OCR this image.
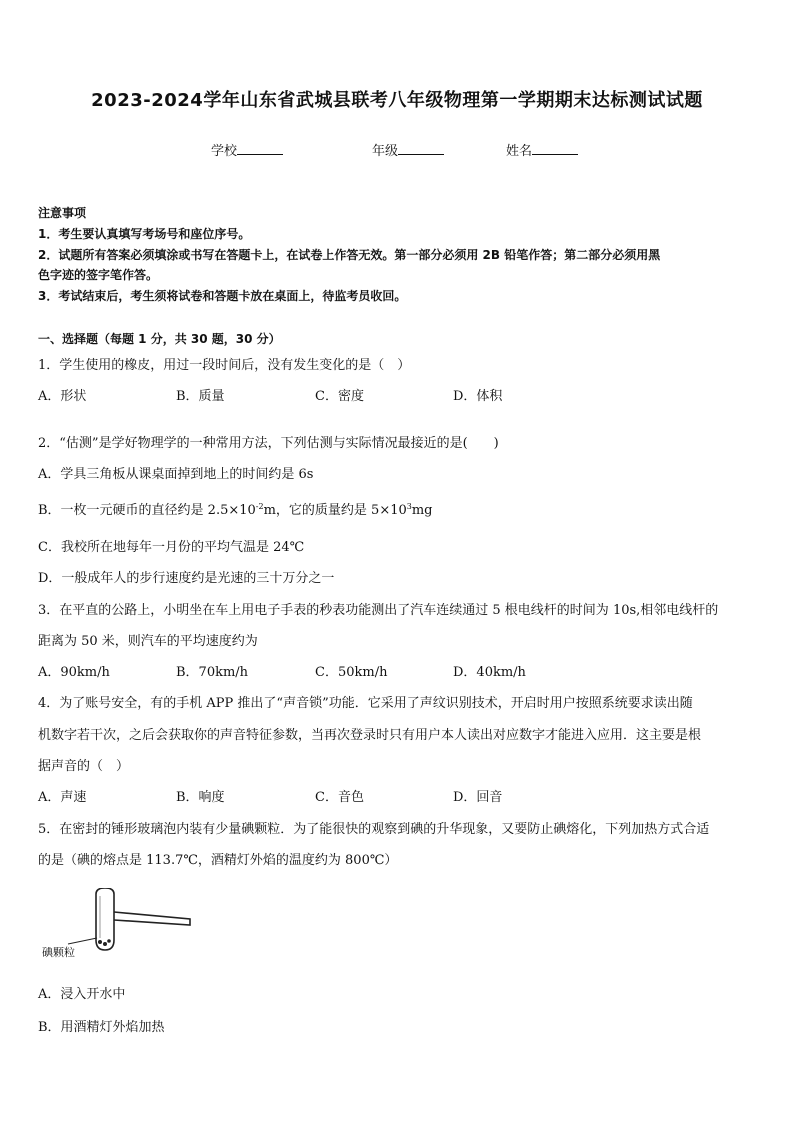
2023-2024学年山东省武城县联考八年级物理第一学期期末达标测试试题
学校	年级	姓名
注意事项
1．考生要认真填写考场号和座位序号。
2．试题所有答案必须填涂或书写在答题卡上，在试卷上作答无效。第一部分必须用 2B 铅笔作答；第二部分必须用黑
色字迹的签字笔作答。
3．考试结束后，考生须将试卷和答题卡放在桌面上，待监考员收回。
一、选择题（每题 1 分，共 30 题，30 分）
1．学生使用的橡皮，用过一段时间后，没有发生变化的是（　）
A．形状	B．质量	C．密度	D．体积
2．“估测”是学好物理学的一种常用方法，下列估测与实际情况最接近的是(　　)
A．学具三角板从课桌面掉到地上的时间约是 6s
B．一枚一元硬币的直径约是 $2.5\times 10^{-2}m$，它的质量约是 $5\times 10^3mg$
C．我校所在地每年一月份的平均气温是 24℃
D．一般成年人的步行速度约是光速的三十万分之一
3．在平直的公路上，小明坐在车上用电子手表的秒表功能测出了汽车连续通过 5 根电线杆的时间为 10s,相邻电线杆的
距离为 50 米，则汽车的平均速度约为
A．90km/h	B．70km/h	C．50km/h	D．40km/h
4．为了账号安全，有的手机 APP 推出了“声音锁”功能．它采用了声纹识别技术，开启时用户按照系统要求读出随
机数字若干次，之后会获取你的声音特征参数，当再次登录时只有用户本人读出对应数字才能进入应用．这主要是根
据声音的（　）
A．声速	B．响度	C．音色	D．回音
5．在密封的锤形玻璃泡内装有少量碘颗粒．为了能很快的观察到碘的升华现象，又要防止碘熔化，下列加热方式合适
的是（碘的熔点是 113.7℃，酒精灯外焰的温度约为 800℃）
碘颗粒
A．浸入开水中
B．用酒精灯外焰加热
